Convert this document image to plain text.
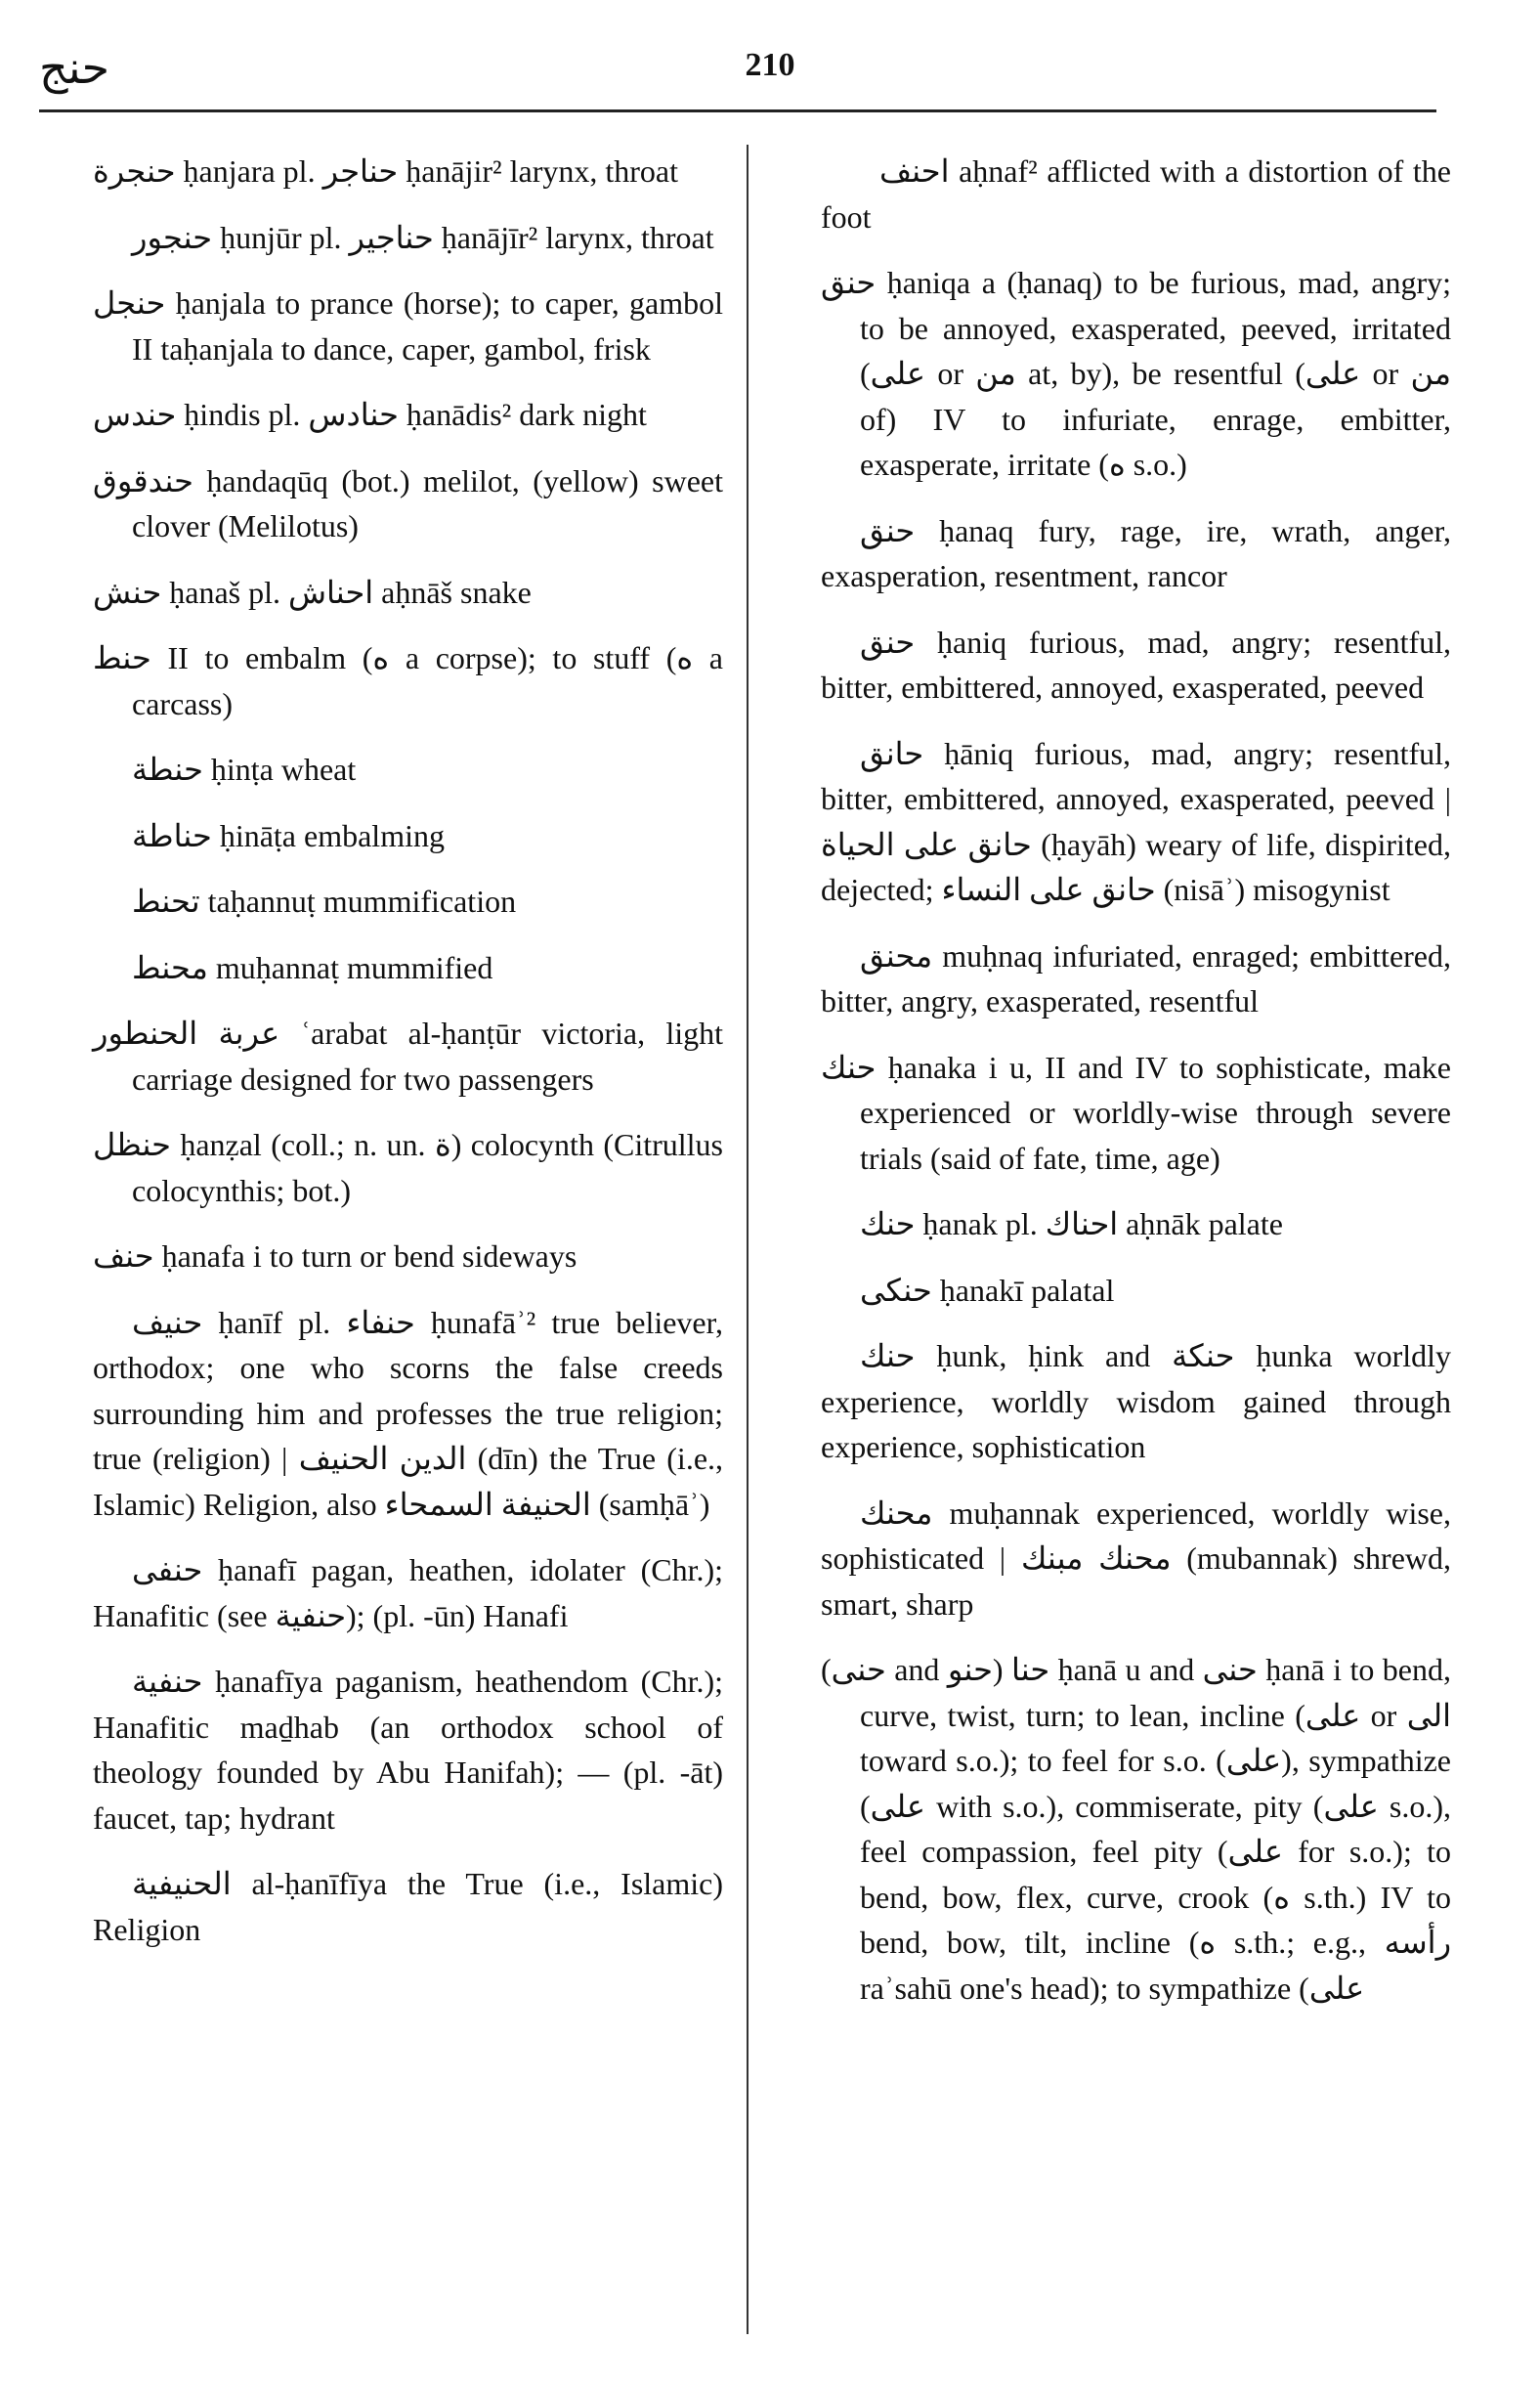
حنج	210

حنجرة ḥanjara pl. حناجر ḥanājir² larynx, throat

حنجور ḥunjūr pl. حناجير ḥanājīr² larynx, throat

حنجل ḥanjala to prance (horse); to caper, gambol II taḥanjala to dance, caper, gambol, frisk

حندس ḥindis pl. حنادس ḥanādis² dark night

حندقوق ḥandaqūq (bot.) melilot, (yellow) sweet clover (Melilotus)

حنش ḥanaš pl. احناش aḥnāš snake

حنط II to embalm (ه a corpse); to stuff (ه a carcass)

حنطة ḥinṭa wheat

حناطة ḥināṭa embalming

تحنط taḥannuṭ mummification

محنط muḥannaṭ mummified

عربة الحنطور ʿarabat al-ḥanṭūr victoria, light carriage designed for two passengers

حنظل ḥanẓal (coll.; n. un. ة) colocynth (Citrullus colocynthis; bot.)

حنف ḥanafa i to turn or bend sideways

حنيف ḥanīf pl. حنفاء ḥunafāʾ² true believer, orthodox; one who scorns the false creeds surrounding him and professes the true religion; true (religion) | الدين الحنيف (dīn) the True (i.e., Islamic) Religion, also الحنيفة السمحاء (samḥāʾ)

حنفى ḥanafī pagan, heathen, idolater (Chr.); Hanafitic (see حنفية); (pl. -ūn) Hanafi

حنفية ḥanafīya paganism, heathendom (Chr.); Hanafitic maḏhab (an orthodox school of theology founded by Abu Hanifah); — (pl. -āt) faucet, tap; hydrant

الحنيفية al-ḥanīfīya the True (i.e., Islamic) Religion

احنف aḥnaf² afflicted with a distortion of the foot

حنق ḥaniqa a (ḥanaq) to be furious, mad, angry; to be annoyed, exasperated, peeved, irritated (على or من at, by), be resentful (على or من of) IV to infuriate, enrage, embitter, exasperate, irritate (ه s.o.)

حنق ḥanaq fury, rage, ire, wrath, anger, exasperation, resentment, rancor

حنق ḥaniq furious, mad, angry; resentful, bitter, embittered, annoyed, exasperated, peeved

حانق ḥāniq furious, mad, angry; resentful, bitter, embittered, annoyed, exasperated, peeved | حانق على الحياة (ḥayāh) weary of life, dispirited, dejected; حانق على النساء (nisāʾ) misogynist

محنق muḥnaq infuriated, enraged; embittered, bitter, angry, exasperated, resentful

حنك ḥanaka i u, II and IV to sophisticate, make experienced or worldly-wise through severe trials (said of fate, time, age)

حنك ḥanak pl. احناك aḥnāk palate

حنكى ḥanakī palatal

حنك ḥunk, ḥink and حنكة ḥunka worldly experience, worldly wisdom gained through experience, sophistication

محنك muḥannak experienced, worldly wise, sophisticated | محنك مبنك (mubannak) shrewd, smart, sharp

(حنى and حنو) حنا ḥanā u and حنى ḥanā i to bend, curve, twist, turn; to lean, incline (على or الى toward s.o.); to feel for s.o. (على), sympathize (على with s.o.), commiserate, pity (على s.o.), feel compassion, feel pity (على for s.o.); to bend, bow, flex, curve, crook (ه s.th.) IV to bend, bow, tilt, incline (ه s.th.; e.g., رأسه raʾsahū one's head); to sympathize (على
